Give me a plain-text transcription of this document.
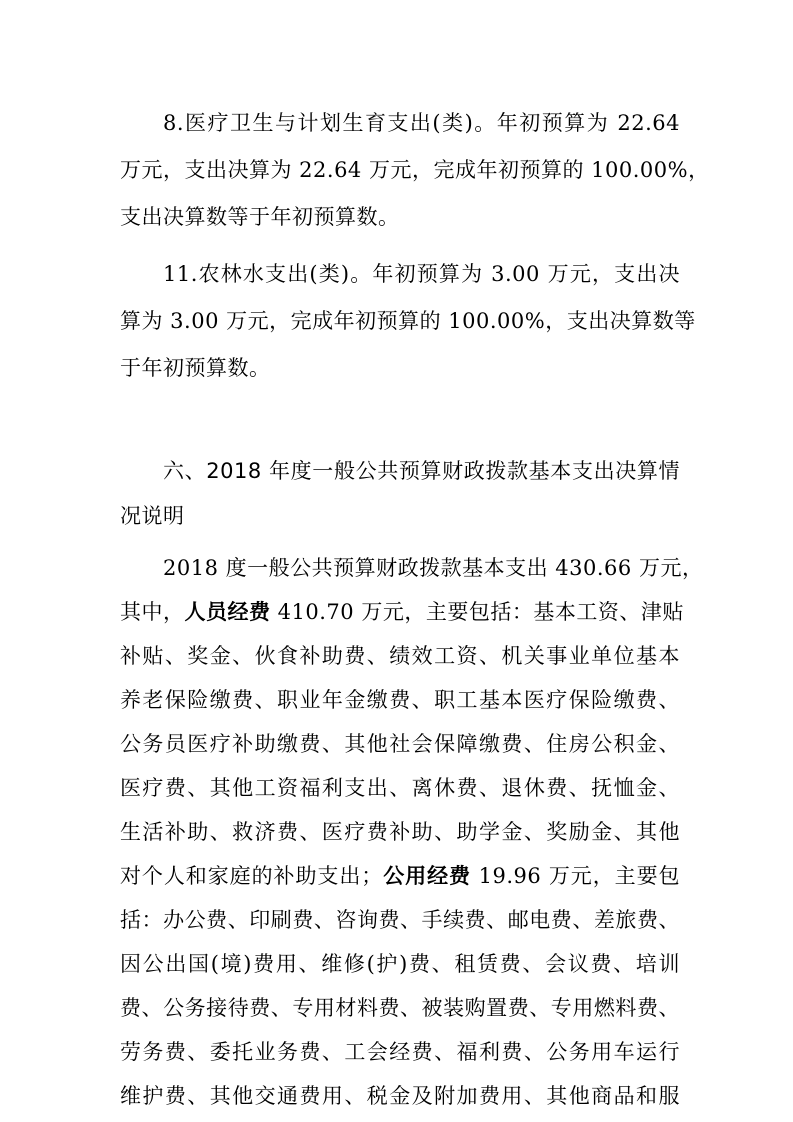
8.医疗卫生与计划生育支出(类)。年初预算为 22.64
万元，支出决算为 22.64 万元，完成年初预算的 100.00%，
支出决算数等于年初预算数。
11.农林水支出(类)。年初预算为 3.00 万元，支出决
算为 3.00 万元，完成年初预算的 100.00%，支出决算数等
于年初预算数。
六、2018 年度一般公共预算财政拨款基本支出决算情
况说明
2018 度一般公共预算财政拨款基本支出 430.66 万元，
其中，人员经费 410.70 万元，主要包括：基本工资、津贴
补贴、奖金、伙食补助费、绩效工资、机关事业单位基本
养老保险缴费、职业年金缴费、职工基本医疗保险缴费、
公务员医疗补助缴费、其他社会保障缴费、住房公积金、
医疗费、其他工资福利支出、离休费、退休费、抚恤金、
生活补助、救济费、医疗费补助、助学金、奖励金、其他
对个人和家庭的补助支出；公用经费 19.96 万元，主要包
括：办公费、印刷费、咨询费、手续费、邮电费、差旅费、
因公出国(境)费用、维修(护)费、租赁费、会议费、培训
费、公务接待费、专用材料费、被装购置费、专用燃料费、
劳务费、委托业务费、工会经费、福利费、公务用车运行
维护费、其他交通费用、税金及附加费用、其他商品和服
